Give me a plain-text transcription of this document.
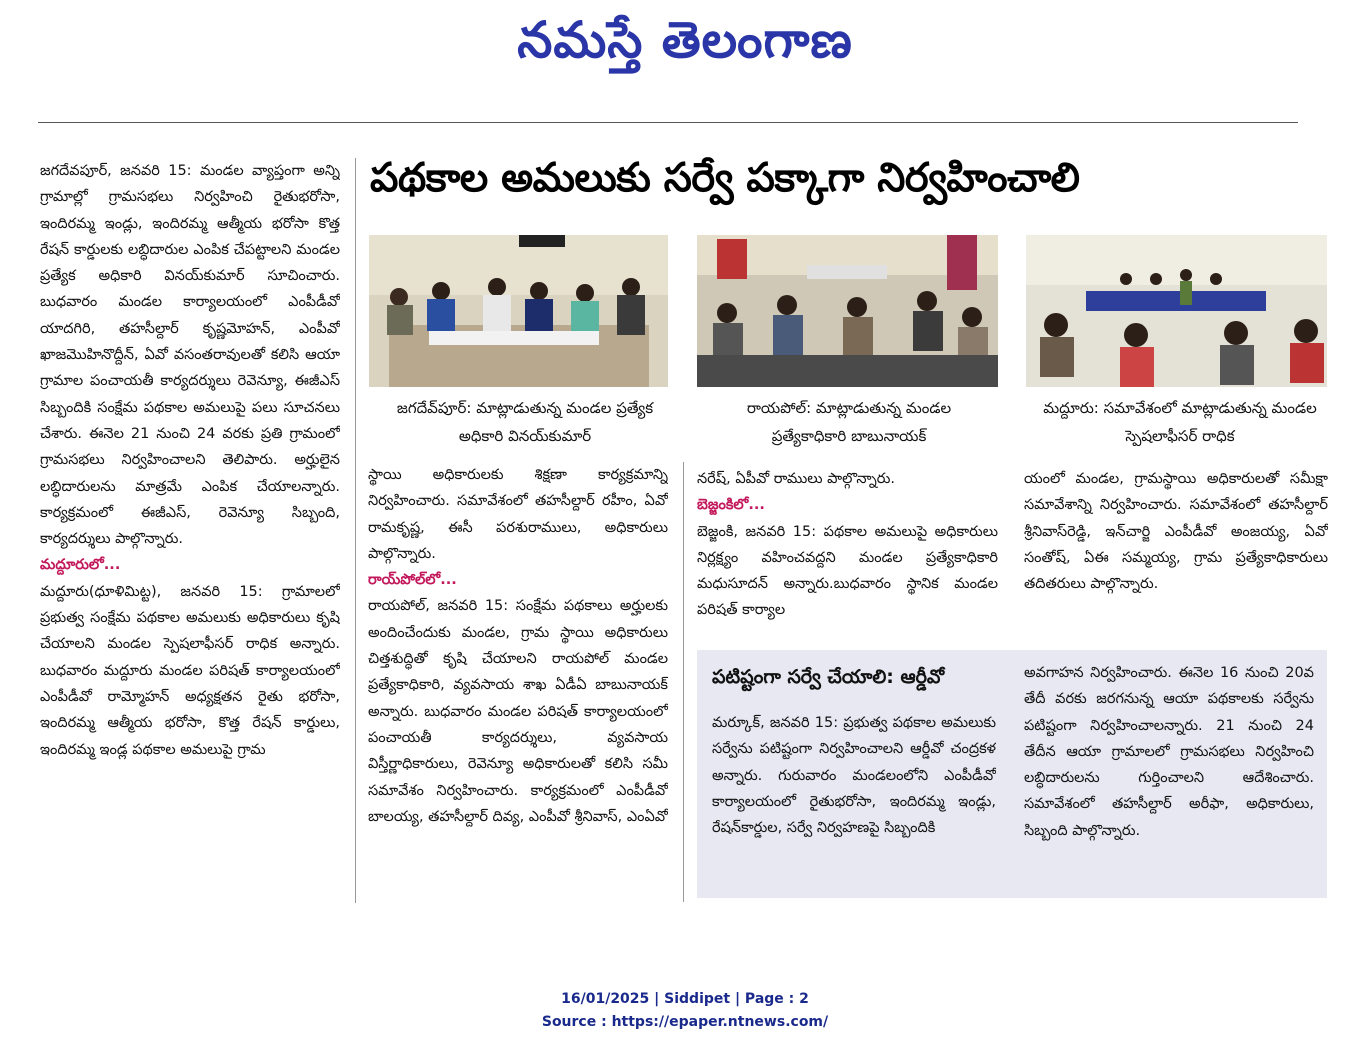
నమస్తే తెలంగాణ
పథకాల అమలుకు సర్వే పక్కాగా నిర్వహించాలి

జగదేవపూర్, జనవరి 15: మండల వ్యాప్తంగా అన్ని గ్రామాల్లో గ్రామసభలు నిర్వహించి రైతుభరోసా, ఇందిరమ్మ ఇండ్లు, ఇందిరమ్మ ఆత్మీయ భరోసా కొత్త రేషన్ కార్డులకు లబ్ధిదారుల ఎంపిక చేపట్టాలని మండల ప్రత్యేక అధికారి వినయ్‌కుమార్ సూచించారు. బుధవారం మండల కార్యాలయంలో ఎంపీడీవో యాదగిరి, తహసీల్దార్ కృష్ణమోహన్, ఎంపీవో ఖాజమొహినొద్దీన్, ఏవో వసంతరావులతో కలిసి ఆయా గ్రామాల పంచాయతీ కార్యదర్శులు రెవెన్యూ, ఈజీఎస్ సిబ్బందికి సంక్షేమ పథకాల అమలుపై పలు సూచనలు చేశారు. ఈనెల 21 నుంచి 24 వరకు ప్రతి గ్రామంలో గ్రామసభలు నిర్వహించాలని తెలిపారు. అర్హులైన లబ్ధిదారులను మాత్రమే ఎంపిక చేయాలన్నారు. కార్యక్రమంలో ఈజీఎస్, రెవెన్యూ సిబ్బంది, కార్యదర్శులు పాల్గొన్నారు.

మద్దూరులో...

మద్దూరు(ధూళిమిట్ట), జనవరి 15: గ్రామాలలో ప్రభుత్వ సంక్షేమ పథకాల అమలుకు అధికారులు కృషి చేయాలని మండల స్పెషలాఫీసర్ రాధిక అన్నారు. బుధవారం మద్దూరు మండల పరిషత్ కార్యాలయంలో ఎంపీడీవో రామ్మోహన్ అధ్యక్షతన రైతు భరోసా, ఇందిరమ్మ ఆత్మీయ భరోసా, కొత్త రేషన్ కార్డులు, ఇందిరమ్మ ఇండ్ల పథకాల అమలుపై గ్రామ

జగదేవ్‌పూర్: మాట్లాడుతున్న మండల ప్రత్యేక అధికారి వినయ్‌కుమార్
రాయపోల్: మాట్లాడుతున్న మండల ప్రత్యేకాధికారి బాబునాయక్
మద్దూరు: సమావేశంలో మాట్లాడుతున్న మండల స్పెషలాఫీసర్ రాధిక

స్థాయి అధికారులకు శిక్షణా కార్యక్రమాన్ని నిర్వహించారు. సమావేశంలో తహసీల్దార్ రహీం, ఏవో రామకృష్ణ, ఈసీ పరశురాములు, అధికారులు పాల్గొన్నారు.

రాయ్‌పోల్‌లో...

రాయపోల్, జనవరి 15: సంక్షేమ పథకాలు అర్హులకు అందించేందుకు మండల, గ్రామ స్థాయి అధికారులు చిత్తశుద్ధితో కృషి చేయాలని రాయపోల్ మండల ప్రత్యేకాధికారి, వ్యవసాయ శాఖ ఏడీఏ బాబునాయక్ అన్నారు. బుధవారం మండల పరిషత్ కార్యాలయంలో పంచాయతీ కార్యదర్శులు, వ్యవసాయ విస్తీర్ణాధికారులు, రెవెన్యూ అధికారులతో కలిసి సమీ సమావేశం నిర్వహించారు. కార్యక్రమంలో ఎంపీడీవో బాలయ్య, తహసీల్దార్ దివ్య, ఎంపీవో శ్రీనివాస్, ఎంఏవో

నరేష్, ఏపీవో రాములు పాల్గొన్నారు.

బెజ్జంకిలో...

బెజ్జంకి, జనవరి 15: పథకాల అమలుపై అధికారులు నిర్లక్ష్యం వహించవద్దని మండల ప్రత్యేకాధికారి మధుసూదన్ అన్నారు.బుధవారం స్థానిక మండల పరిషత్ కార్యాల

యంలో మండల, గ్రామస్థాయి అధికారులతో సమీక్షా సమావేశాన్ని నిర్వహించారు. సమావేశంలో తహసీల్దార్ శ్రీనివాస్‌రెడ్డి, ఇన్‌చార్జి ఎంపీడీవో అంజయ్య, ఏవో సంతోష్, ఏఈ సమ్మయ్య, గ్రామ ప్రత్యేకాధికారులు తదితరులు పాల్గొన్నారు.

పటిష్టంగా సర్వే చేయాలి: ఆర్డీవో
మర్కూక్, జనవరి 15: ప్రభుత్వ పథకాల అమలుకు సర్వేను పటిష్టంగా నిర్వహించాలని ఆర్డీవో చంద్రకళ అన్నారు. గురువారం మండలంలోని ఎంపీడీవో కార్యాలయంలో రైతుభరోసా, ఇందిరమ్మ ఇండ్లు, రేషన్‌కార్డుల, సర్వే నిర్వహణపై సిబ్బందికి
అవగాహన నిర్వహించారు. ఈనెల 16 నుంచి 20వ తేదీ వరకు జరగనున్న ఆయా పథకాలకు సర్వేను పటిష్టంగా నిర్వహించాలన్నారు. 21 నుంచి 24 తేదీన ఆయా గ్రామాలలో గ్రామసభలు నిర్వహించి లబ్ధిదారులను గుర్తించాలని ఆదేశించారు. సమావేశంలో తహసీల్దార్ అరీఫా, అధికారులు, సిబ్బంది పాల్గొన్నారు.
16/01/2025 | Siddipet | Page : 2
Source : https://epaper.ntnews.com/
